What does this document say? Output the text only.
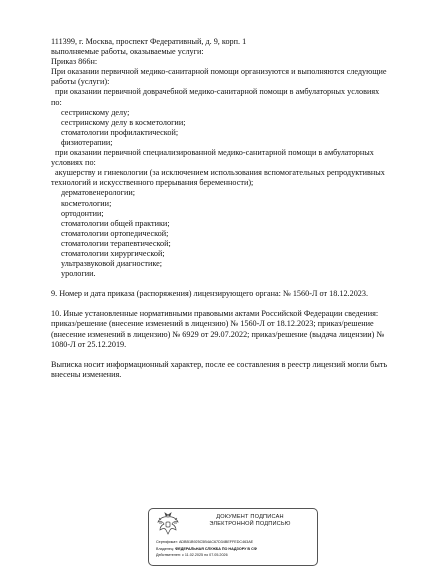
111399, г. Москва, проспект Федеративный, д. 9, корп. 1
выполняемые работы, оказываемые услуги:
Приказ 866н:
При оказании первичной медико-санитарной помощи организуются и выполняются следующие
работы (услуги):
при оказании первичной доврачебной медико-санитарной помощи в амбулаторных условиях
по:
сестринскому делу;
сестринскому делу в косметологии;
стоматологии профилактической;
физиотерапии;
при оказании первичной специализированной медико-санитарной помощи в амбулаторных
условиях по:
акушерству и гинекологии (за исключением использования вспомогательных репродуктивных
технологий и искусственного прерывания беременности);
дерматовенерологии;
косметологии;
ортодонтии;
стоматологии общей практики;
стоматологии ортопедической;
стоматологии терапевтической;
стоматологии хирургической;
ультразвуковой диагностике;
урологии.
9. Номер и дата приказа (распоряжения) лицензирующего органа: № 1560-Л от 18.12.2023.
10. Иные установленные нормативными правовыми актами Российской Федерации сведения:
приказ/решение (внесение изменений в лицензию) № 1560-Л от 18.12.2023; приказ/решение
(внесение изменений в лицензию) № 6929 от 29.07.2022; приказ/решение (выдача лицензии) №
1080-Л от 25.12.2019.
Выписка носит информационный характер, после ее составления в реестр лицензий могли быть
внесены изменения.
ДОКУМЕНТ ПОДПИСАН
ЭЛЕКТРОННОЙ ПОДПИСЬЮ
Сертификат: ADBB1B925C5B4AC67D34BEFFEDC463AE
Владелец: ФЕДЕРАЛЬНАЯ СЛУЖБА ПО НАДЗОРУ В СФ
Действителен: с 11.02.2025 по 07.05.2026
